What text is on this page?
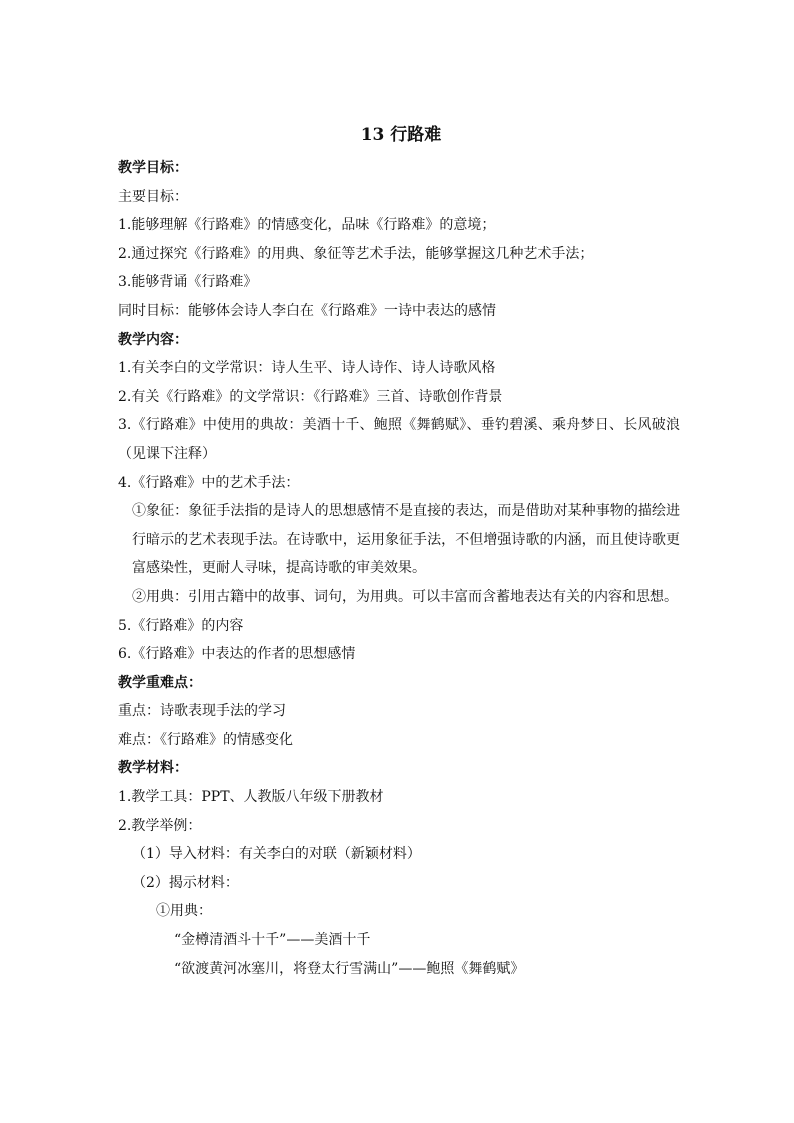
13 行路难
教学目标：
主要目标：
1.能够理解《行路难》的情感变化，品味《行路难》的意境；
2.通过探究《行路难》的用典、象征等艺术手法，能够掌握这几种艺术手法；
3.能够背诵《行路难》
同时目标：能够体会诗人李白在《行路难》一诗中表达的感情
教学内容：
1.有关李白的文学常识：诗人生平、诗人诗作、诗人诗歌风格
2.有关《行路难》的文学常识：《行路难》三首、诗歌创作背景
3.《行路难》中使用的典故：美酒十千、鲍照《舞鹤赋》、垂钓碧溪、乘舟梦日、长风破浪（见课下注释）
4.《行路难》中的艺术手法：
①象征：象征手法指的是诗人的思想感情不是直接的表达，而是借助对某种事物的描绘进行暗示的艺术表现手法。在诗歌中，运用象征手法，不但增强诗歌的内涵，而且使诗歌更富感染性，更耐人寻味，提高诗歌的审美效果。
②用典：引用古籍中的故事、词句，为用典。可以丰富而含蓄地表达有关的内容和思想。
5.《行路难》的内容
6.《行路难》中表达的作者的思想感情
教学重难点：
重点：诗歌表现手法的学习
难点：《行路难》的情感变化
教学材料：
1.教学工具：PPT、人教版八年级下册教材
2.教学举例：
（1）导入材料：有关李白的对联（新颖材料）
（2）揭示材料：
①用典：
“金樽清酒斗十千”——美酒十千
“欲渡黄河冰塞川，将登太行雪满山”——鲍照《舞鹤赋》
